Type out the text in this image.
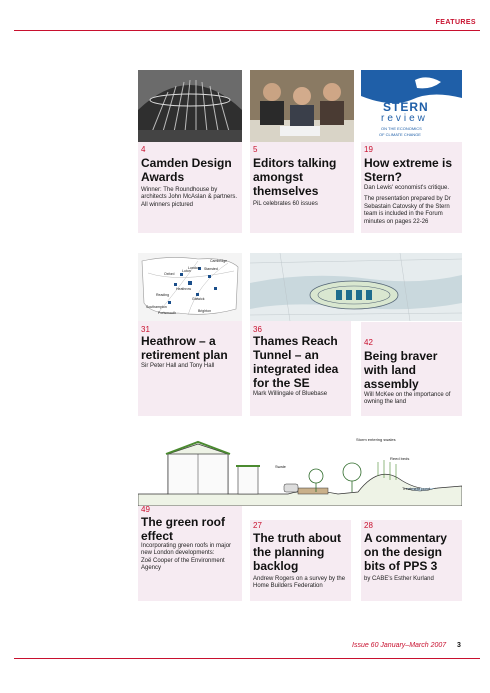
FEATURES
4
Camden Design Awards

Winner: The Roundhouse by architects John McAslan & partners. All winners pictured

5
Editors talking amongst themselves

PiL celebrates 60 issues

STERN
review
ON THE ECONOMICS
OF CLIMATE CHANGE
19
How extreme is Stern?

Dan Lewis' economist's critique.

The presentation prepared by Dr Sebastain Catovsky of the Stern team is included in the Forum minutes on pages 22-26

London
Oxford
Stansted
Luton
Heathrow
Gatwick
Southampton
Portsmouth
Reading
Brighton
Cambridge
31
Heathrow – a retirement plan

Sir Peter Hall and Tony Hall

36
Thames Reach Tunnel – an integrated idea for the SE

Mark Willingale of Bluebase

42
Being braver with land assembly

Will McKee on the importance of owning the land

Swale
Storm entering swales
Reed beds
Treatment pond
49
The green roof effect

Incorporating green roofs in major new London developments:

Zoë Cooper of the Environment Agency

27
The truth about the planning backlog

Andrew Rogers on a survey by the Home Builders Federation

28
A commentary on the design bits of PPS 3

by CABE's Esther Kurland

Issue 60 January–March 2007 3
